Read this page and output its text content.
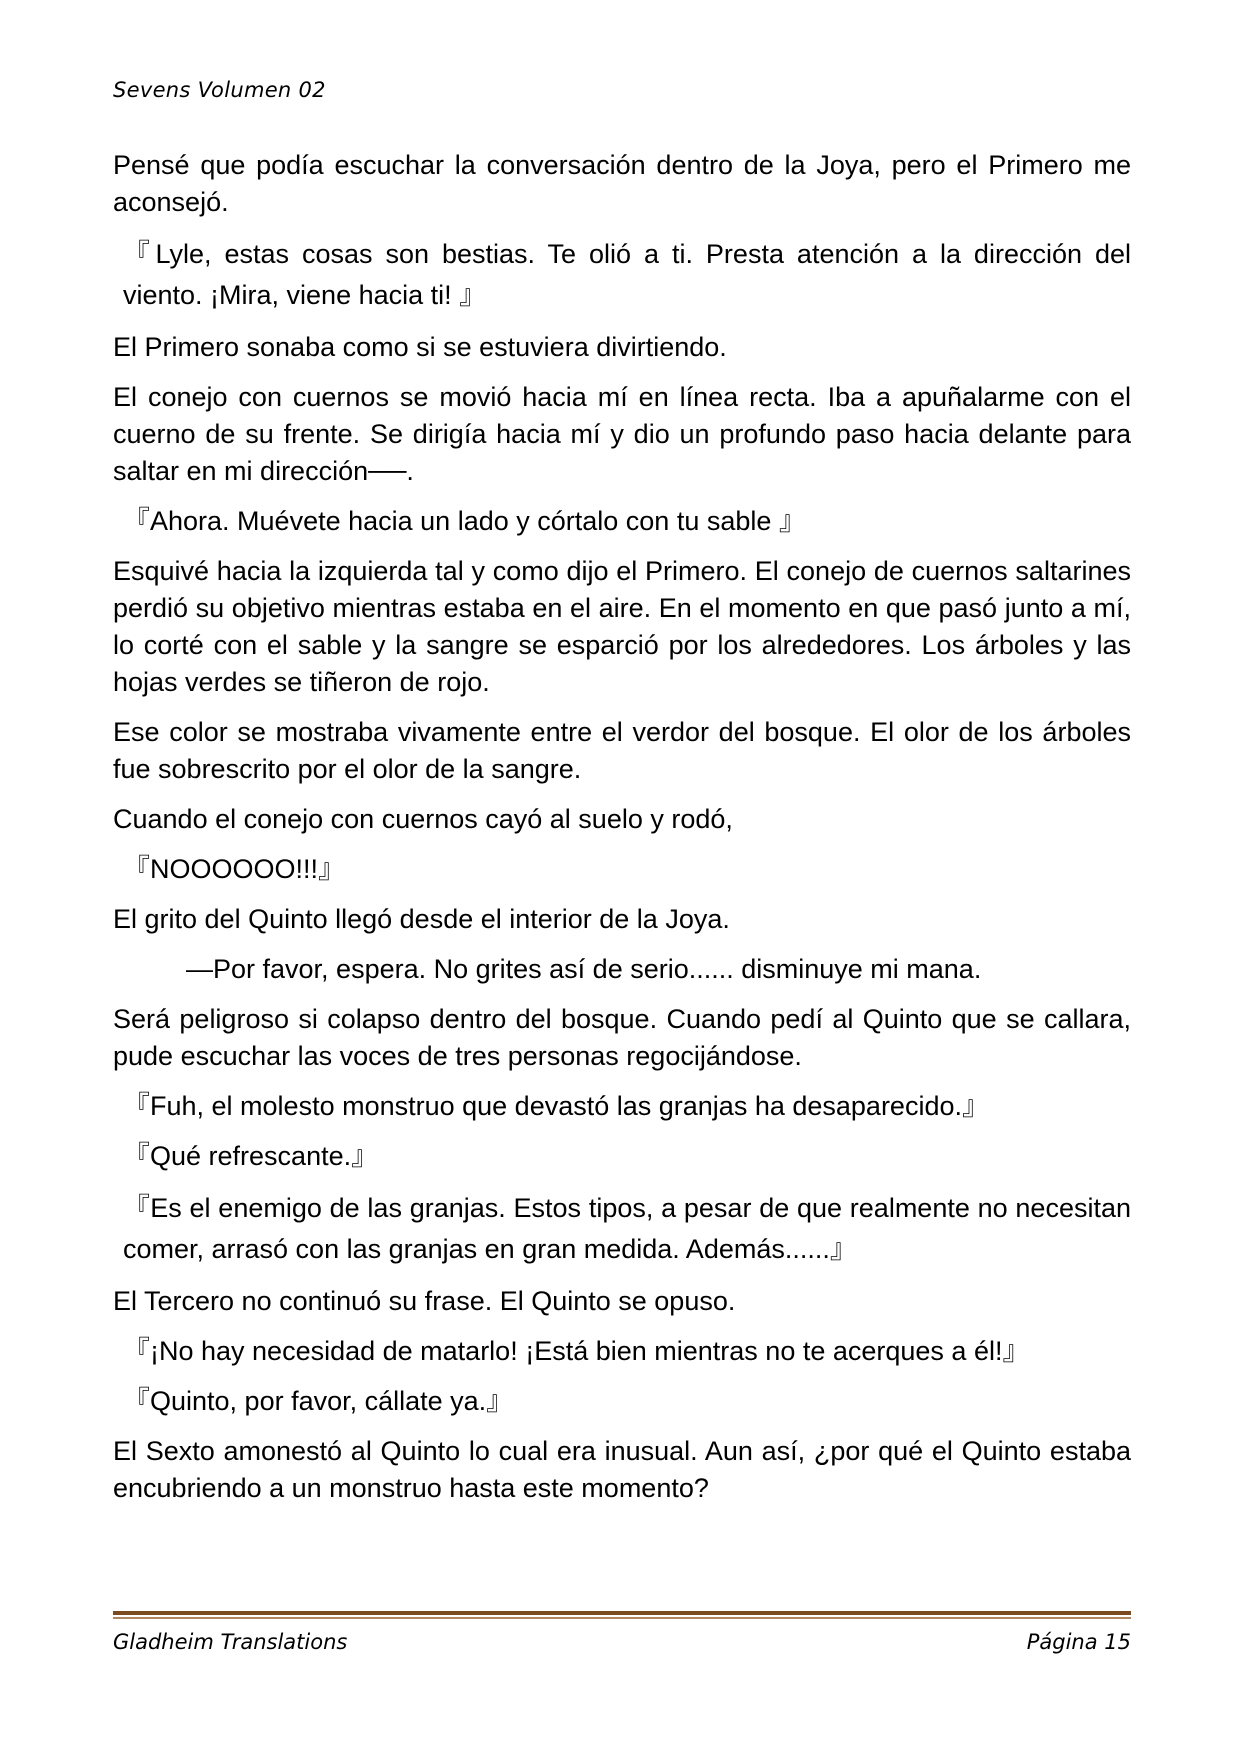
Sevens Volumen 02

Pensé que podía escuchar la conversación dentro de la Joya, pero el Primero me aconsejó.

『Lyle, estas cosas son bestias. Te olió a ti. Presta atención a la dirección del viento. ¡Mira, viene hacia ti! 』

El Primero sonaba como si se estuviera divirtiendo.

El conejo con cuernos se movió hacia mí en línea recta. Iba a apuñalarme con el cuerno de su frente. Se dirigía hacia mí y dio un profundo paso hacia delante para saltar en mi dirección──.

『Ahora. Muévete hacia un lado y córtalo con tu sable 』

Esquivé hacia la izquierda tal y como dijo el Primero. El conejo de cuernos saltarines perdió su objetivo mientras estaba en el aire. En el momento en que pasó junto a mí, lo corté con el sable y la sangre se esparció por los alrededores. Los árboles y las hojas verdes se tiñeron de rojo.

Ese color se mostraba vivamente entre el verdor del bosque. El olor de los árboles fue sobrescrito por el olor de la sangre.

Cuando el conejo con cuernos cayó al suelo y rodó,

『NOOOOOO!!!』

El grito del Quinto llegó desde el interior de la Joya.

―Por favor, espera. No grites así de serio...... disminuye mi mana.

Será peligroso si colapso dentro del bosque. Cuando pedí al Quinto que se callara, pude escuchar las voces de tres personas regocijándose.

『Fuh, el molesto monstruo que devastó las granjas ha desaparecido.』

『Qué refrescante.』

『Es el enemigo de las granjas. Estos tipos, a pesar de que realmente no necesitan comer, arrasó con las granjas en gran medida. Además......』

El Tercero no continuó su frase. El Quinto se opuso.

『¡No hay necesidad de matarlo! ¡Está bien mientras no te acerques a él!』

『Quinto, por favor, cállate ya.』

El Sexto amonestó al Quinto lo cual era inusual. Aun así, ¿por qué el Quinto estaba encubriendo a un monstruo hasta este momento?

Gladheim Translations	Página 15
